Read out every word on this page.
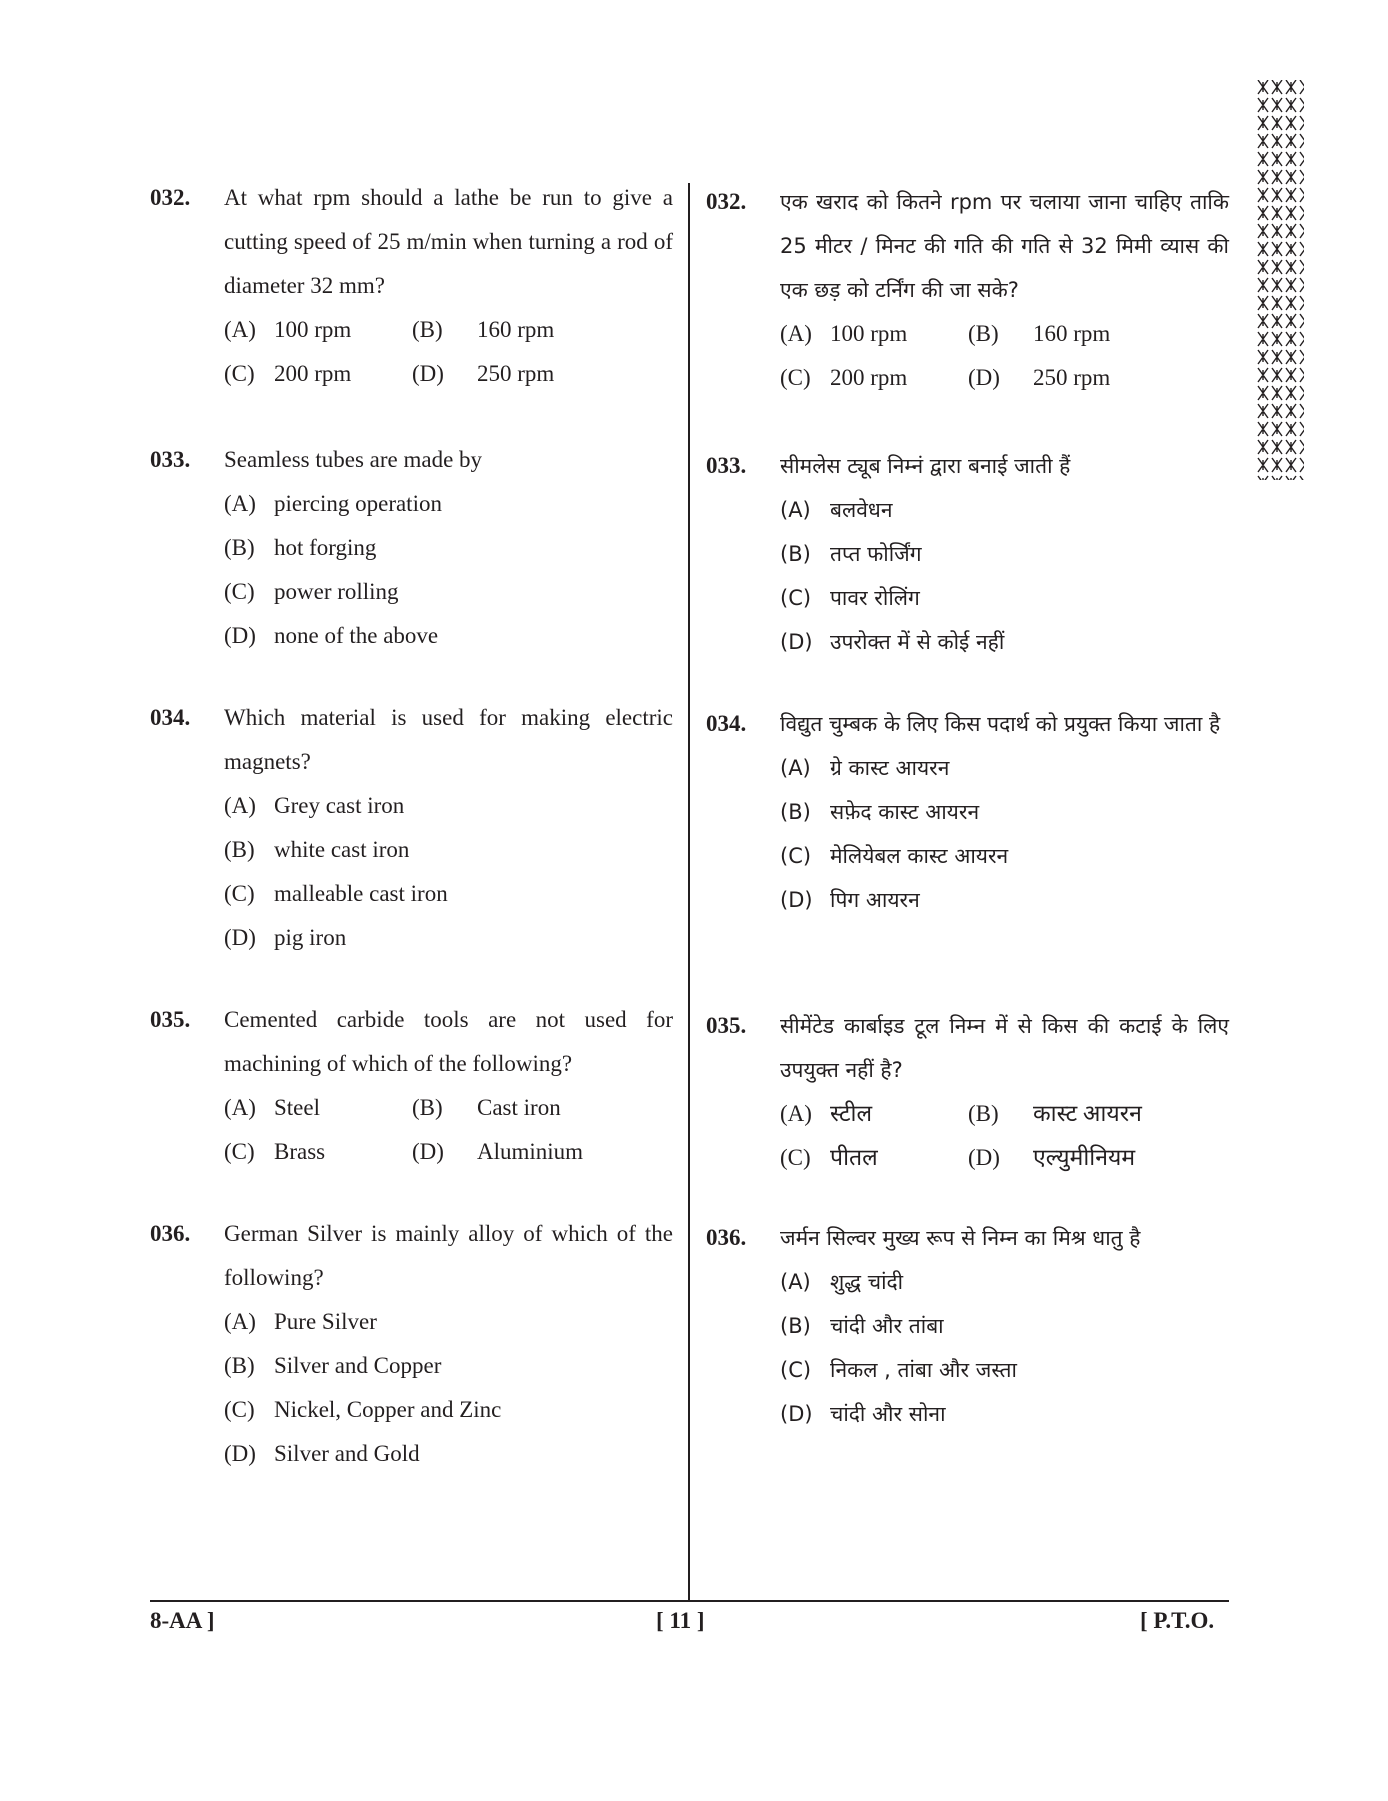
032. At what rpm should a lathe be run to give a cutting speed of 25 m/min when turning a rod of diameter 32 mm?
(A) 100 rpm	(B)	160 rpm
(C) 200 rpm	(D)	250 rpm
033. Seamless tubes are made by
(A) piercing operation
(B) hot forging
(C) power rolling
(D) none of the above
034. Which material is used for making electric magnets?
(A) Grey cast iron
(B) white cast iron
(C) malleable cast iron
(D) pig iron
035. Cemented carbide tools are not used for machining of which of the following?
(A) Steel	(B)	Cast iron
(C) Brass	(D)	Aluminium
036. German Silver is mainly alloy of which of the following?
(A) Pure Silver
(B) Silver and Copper
(C) Nickel, Copper and Zinc
(D) Silver and Gold
032. एक खराद को कितने rpm पर चलाया जाना चाहिए ताकि 25 मीटर / मिनट की गति की गति से 32 मिमी व्यास की एक छड़ को टर्निंग की जा सके?
(A) 100 rpm	(B)	160 rpm
(C) 200 rpm	(D)	250 rpm
033. सीमलेस ट्यूब निम्नं द्वारा बनाई जाती हैं
(A) बलवेधन
(B) तप्त फोर्जिंग
(C) पावर रोलिंग
(D) उपरोक्त में से कोई नहीं
034. विद्युत चुम्बक के लिए किस पदार्थ को प्रयुक्त किया जाता है
(A) ग्रे कास्ट आयरन
(B) सफ़ेद कास्ट आयरन
(C) मेलियेबल कास्ट आयरन
(D) पिग आयरन
035. सीमेंटेड कार्बाइड टूल निम्न में से किस की कटाई के लिए उपयुक्त नहीं है?
(A) स्टील	(B)	कास्ट आयरन
(C) पीतल	(D)	एल्युमीनियम
036. जर्मन सिल्वर मुख्य रूप से निम्न का मिश्र धातु है
(A) शुद्ध चांदी
(B) चांदी और तांबा
(C) निकल , तांबा और जस्ता
(D) चांदी और सोना
8-AA ]	[ 11 ]	[ P.T.O.
